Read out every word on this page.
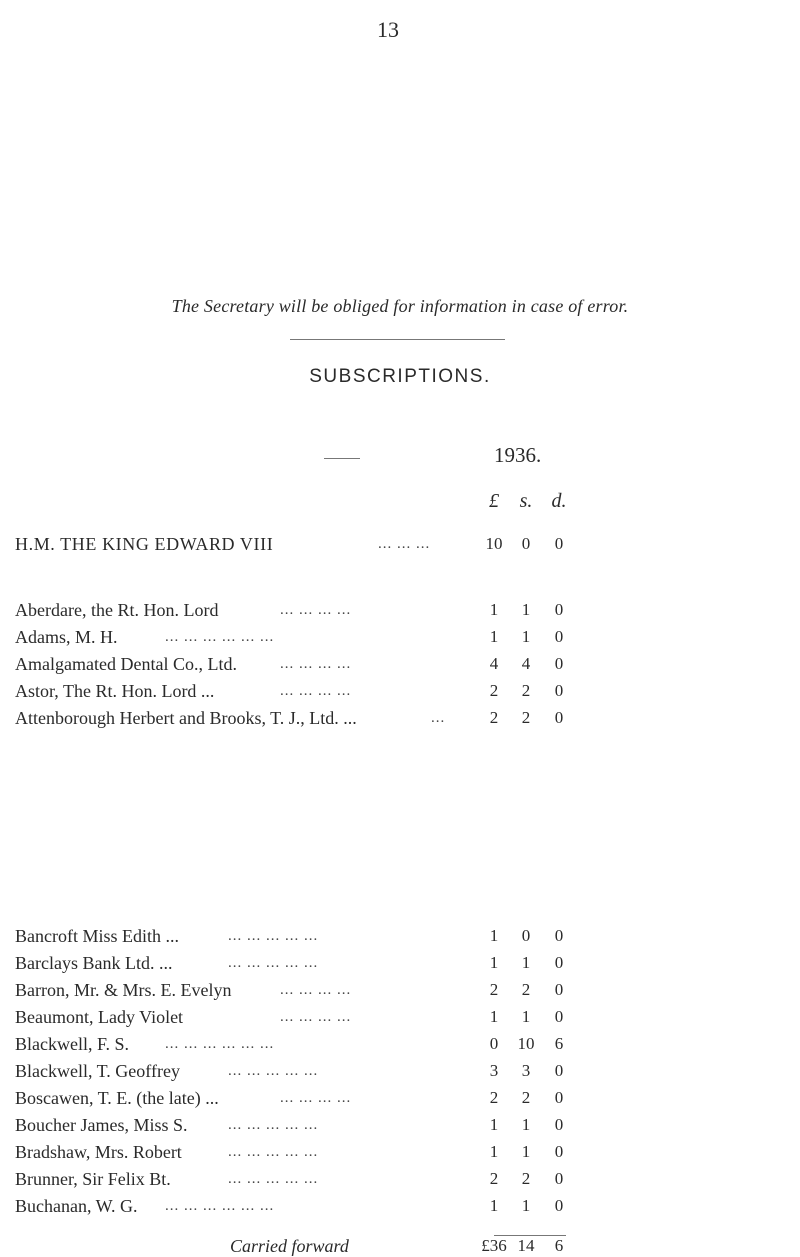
13
The Secretary will be obliged for information in case of error.
SUBSCRIPTIONS.
1936.
£	s. d.
H.M. THE KING EDWARD VIII	... ... ...	10	0	0
Aberdare, the Rt. Hon. Lord	... ... ... ...	1	1	0
Adams, M. H.	... ... ... ... ... ...	1	1	0
Amalgamated Dental Co., Ltd.	... ... ... ...	4	4	0
Astor, The Rt. Hon. Lord ...	... ... ... ...	2	2	0
Attenborough Herbert and Brooks, T. J., Ltd. ...	...	2	2	0
Bancroft Miss Edith ...	... ... ... ... ...	1	0	0
Barclays Bank Ltd. ...	... ... ... ... ...	1	1	0
Barron, Mr. & Mrs. E. Evelyn	... ... ... ...	2	2	0
Beaumont, Lady Violet	... ... ... ...	1	1	0
Blackwell, F. S. ... ... ... ... ... ...	0	10	6
Blackwell, T. Geoffrey	... ... ... ... ...	3	3	0
Boscawen, T. E. (the late) ...	... ... ... ...	2	2	0
Boucher James, Miss S.	... ... ... ... ...	1	1	0
Bradshaw, Mrs. Robert	... ... ... ... ...	1	1	0
Brunner, Sir Felix Bt.	... ... ... ... ...	2	2	0
Buchanan, W. G. ... ... ... ... ... ...	1	1	0
Carried forward	£36 14	6
